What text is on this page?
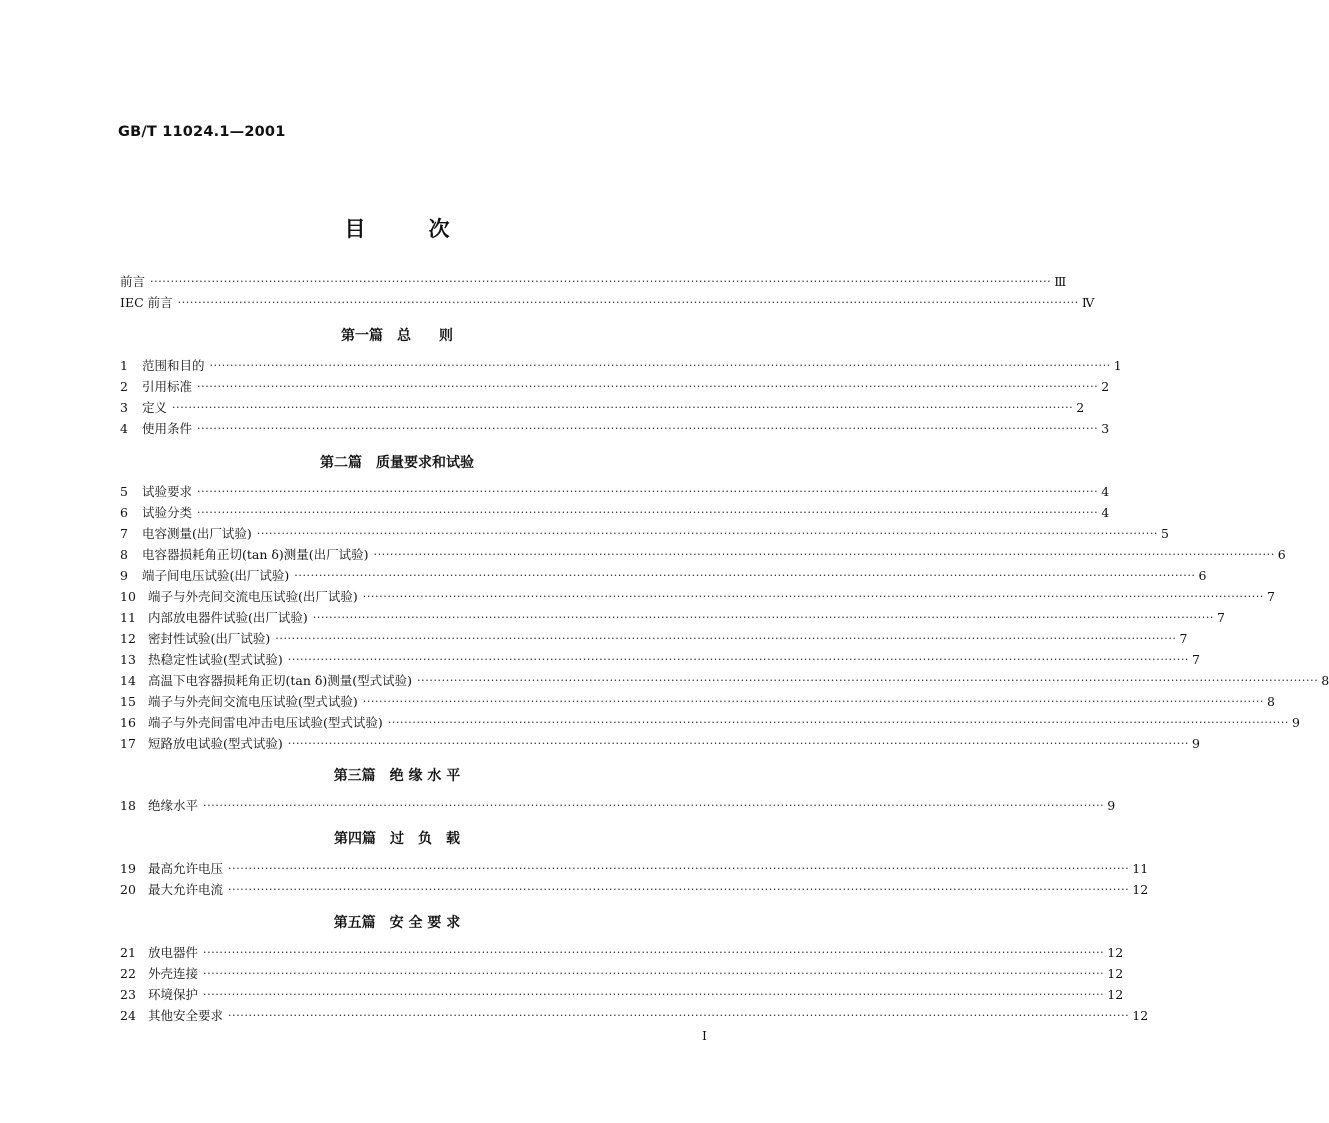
GB/T 11024.1—2001
目　　　次
前言 ···························································································································································································································· Ⅲ
IEC 前言 ···························································································································································································································· Ⅳ
第一篇　总　　则
1	范围和目的 ···························································································································································································································· 1
2	引用标准 ···························································································································································································································· 2
3	定义 ···························································································································································································································· 2
4	使用条件 ···························································································································································································································· 3
第二篇　质量要求和试验
5	试验要求 ···························································································································································································································· 4
6	试验分类 ···························································································································································································································· 4
7	电容测量(出厂试验) ···························································································································································································································· 5
8	电容器损耗角正切(tan δ)测量(出厂试验) ···························································································································································································································· 6
9	端子间电压试验(出厂试验) ···························································································································································································································· 6
10 端子与外壳间交流电压试验(出厂试验) ···························································································································································································································· 7
11 内部放电器件试验(出厂试验) ···························································································································································································································· 7
12 密封性试验(出厂试验) ···························································································································································································································· 7
13 热稳定性试验(型式试验) ···························································································································································································································· 7
14 高温下电容器损耗角正切(tan δ)测量(型式试验) ···························································································································································································································· 8
15 端子与外壳间交流电压试验(型式试验) ···························································································································································································································· 8
16 端子与外壳间雷电冲击电压试验(型式试验) ···························································································································································································································· 9
17 短路放电试验(型式试验) ···························································································································································································································· 9
第三篇　绝 缘 水 平
18 绝缘水平 ···························································································································································································································· 9
第四篇　过　负　载
19 最高允许电压 ···························································································································································································································· 11
20 最大允许电流 ···························································································································································································································· 12
第五篇　安 全 要 求
21 放电器件 ···························································································································································································································· 12
22 外壳连接 ···························································································································································································································· 12
23 环境保护 ···························································································································································································································· 12
24 其他安全要求 ···························································································································································································································· 12
I
